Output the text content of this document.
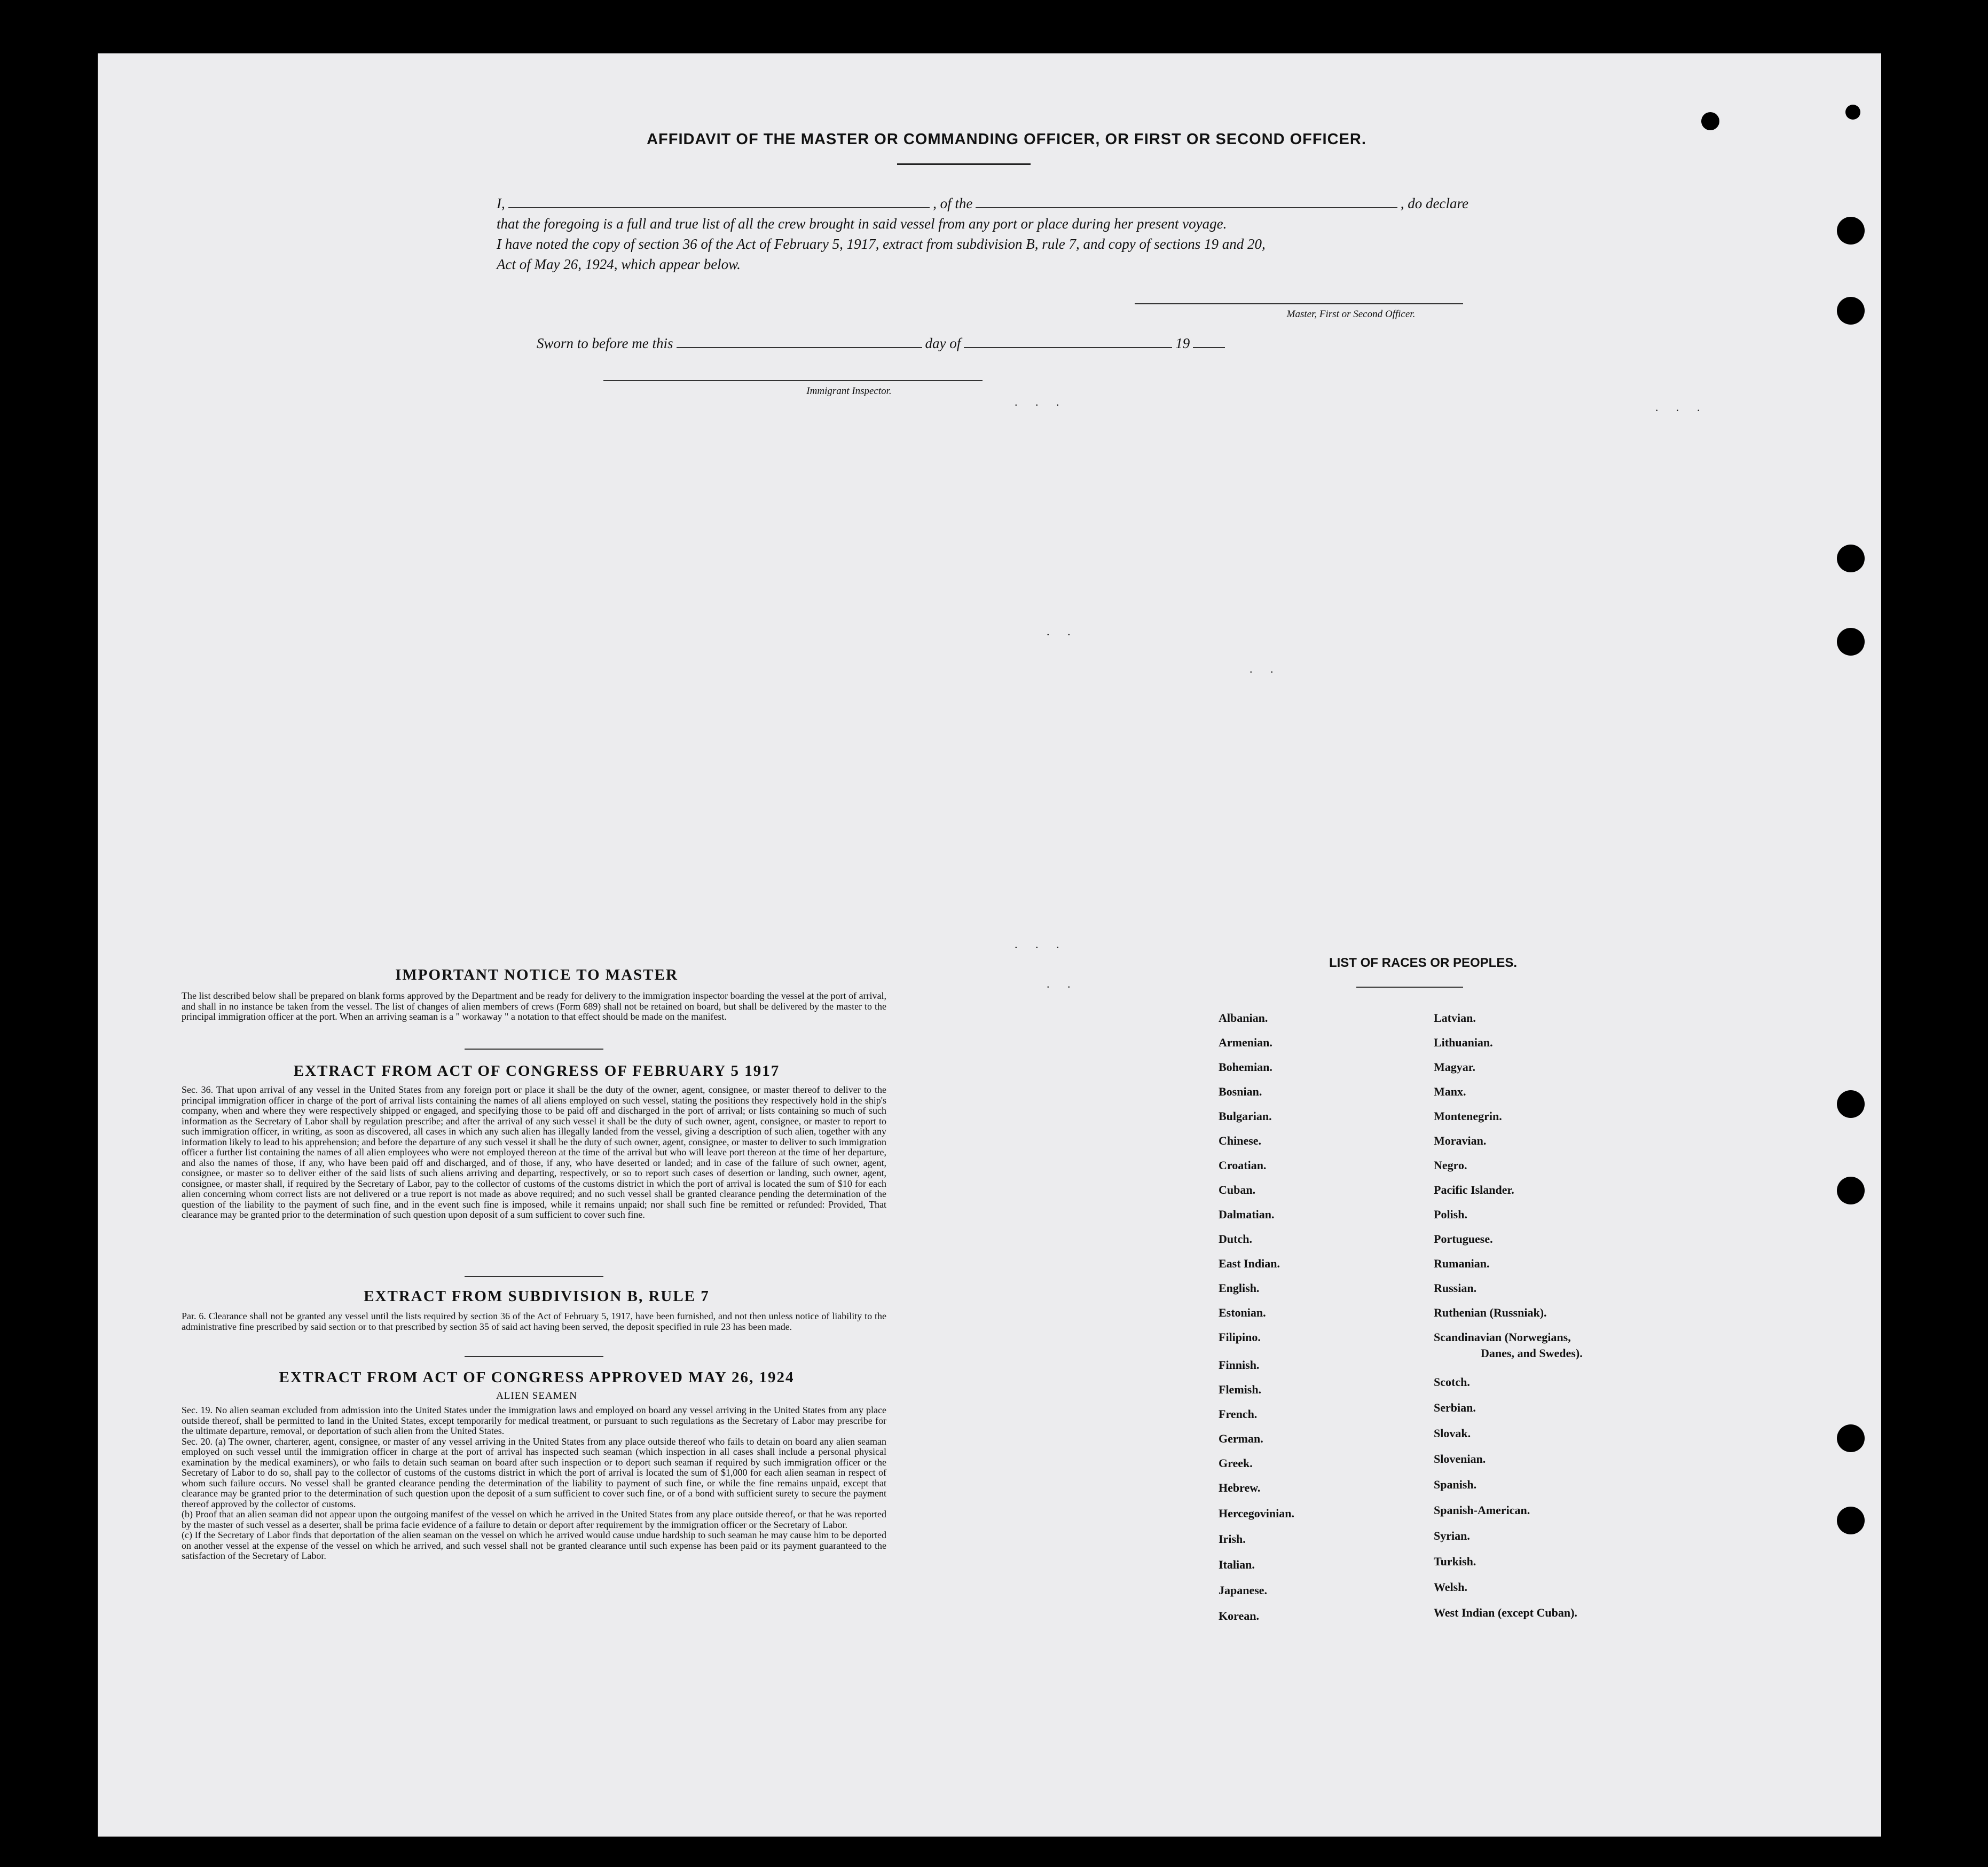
AFFIDAVIT OF THE MASTER OR COMMANDING OFFICER, OR FIRST OR SECOND OFFICER.
I,	, of the	, do declare
that the foregoing is a full and true list of all the crew brought in said vessel from any port or place during her present voyage.
I have noted the copy of section 36 of the Act of February 5, 1917, extract from subdivision B, rule 7, and copy of sections 19 and 20,
Act of May 26, 1924, which appear below.
Master, First or Second Officer.
Sworn to before me this	day of	19
Immigrant Inspector.
. . .	. . .
. .
. .
. . .
. .
IMPORTANT NOTICE TO MASTER

The list described below shall be prepared on blank forms approved by the Department and be ready for delivery to the immigration inspector boarding the vessel at the port of arrival, and shall in no instance be taken from the vessel. The list of changes of alien members of crews (Form 689) shall not be retained on board, but shall be delivered by the master to the principal immigration officer at the port. When an arriving seaman is a " workaway " a notation to that effect should be made on the manifest.

EXTRACT FROM ACT OF CONGRESS OF FEBRUARY 5 1917

Sec. 36. That upon arrival of any vessel in the United States from any foreign port or place it shall be the duty of the owner, agent, consignee, or master thereof to deliver to the principal immigration officer in charge of the port of arrival lists containing the names of all aliens employed on such vessel, stating the positions they respectively hold in the ship's company, when and where they were respectively shipped or engaged, and specifying those to be paid off and discharged in the port of arrival; or lists containing so much of such information as the Secretary of Labor shall by regulation prescribe; and after the arrival of any such vessel it shall be the duty of such owner, agent, consignee, or master to report to such immigration officer, in writing, as soon as discovered, all cases in which any such alien has illegally landed from the vessel, giving a description of such alien, together with any information likely to lead to his apprehension; and before the departure of any such vessel it shall be the duty of such owner, agent, consignee, or master to deliver to such immigration officer a further list containing the names of all alien employees who were not employed thereon at the time of the arrival but who will leave port thereon at the time of her departure, and also the names of those, if any, who have been paid off and discharged, and of those, if any, who have deserted or landed; and in case of the failure of such owner, agent, consignee, or master so to deliver either of the said lists of such aliens arriving and departing, respectively, or so to report such cases of desertion or landing, such owner, agent, consignee, or master shall, if required by the Secretary of Labor, pay to the collector of customs of the customs district in which the port of arrival is located the sum of $10 for each alien concerning whom correct lists are not delivered or a true report is not made as above required; and no such vessel shall be granted clearance pending the determination of the question of the liability to the payment of such fine, and in the event such fine is imposed, while it remains unpaid; nor shall such fine be remitted or refunded: Provided, That clearance may be granted prior to the determination of such question upon deposit of a sum sufficient to cover such fine.

EXTRACT FROM SUBDIVISION B, RULE 7

Par. 6. Clearance shall not be granted any vessel until the lists required by section 36 of the Act of February 5, 1917, have been furnished, and not then unless notice of liability to the administrative fine prescribed by said section or to that prescribed by section 35 of said act having been served, the deposit specified in rule 23 has been made.

EXTRACT FROM ACT OF CONGRESS APPROVED MAY 26, 1924
ALIEN SEAMEN

Sec. 19. No alien seaman excluded from admission into the United States under the immigration laws and employed on board any vessel arriving in the United States from any place outside thereof, shall be permitted to land in the United States, except temporarily for medical treatment, or pursuant to such regulations as the Secretary of Labor may prescribe for the ultimate departure, removal, or deportation of such alien from the United States.

Sec. 20. (a) The owner, charterer, agent, consignee, or master of any vessel arriving in the United States from any place outside thereof who fails to detain on board any alien seaman employed on such vessel until the immigration officer in charge at the port of arrival has inspected such seaman (which inspection in all cases shall include a personal physical examination by the medical examiners), or who fails to detain such seaman on board after such inspection or to deport such seaman if required by such immigration officer or the Secretary of Labor to do so, shall pay to the collector of customs of the customs district in which the port of arrival is located the sum of $1,000 for each alien seaman in respect of whom such failure occurs. No vessel shall be granted clearance pending the determination of the liability to payment of such fine, or while the fine remains unpaid, except that clearance may be granted prior to the determination of such question upon the deposit of a sum sufficient to cover such fine, or of a bond with sufficient surety to secure the payment thereof approved by the collector of customs.

(b) Proof that an alien seaman did not appear upon the outgoing manifest of the vessel on which he arrived in the United States from any place outside thereof, or that he was reported by the master of such vessel as a deserter, shall be prima facie evidence of a failure to detain or deport after requirement by the immigration officer or the Secretary of Labor.

(c) If the Secretary of Labor finds that deportation of the alien seaman on the vessel on which he arrived would cause undue hardship to such seaman he may cause him to be deported on another vessel at the expense of the vessel on which he arrived, and such vessel shall not be granted clearance until such expense has been paid or its payment guaranteed to the satisfaction of the Secretary of Labor.

LIST OF RACES OR PEOPLES.
Albanian.
Armenian.
Bohemian.
Bosnian.
Bulgarian.
Chinese.
Croatian.
Cuban.
Dalmatian.
Dutch.
East Indian.
English.
Estonian.
Filipino.
Finnish.
Flemish.
French.
German.
Greek.
Hebrew.
Hercegovinian.
Irish.
Italian.
Japanese.
Korean.
Latvian.
Lithuanian.
Magyar.
Manx.
Montenegrin.
Moravian.
Negro.
Pacific Islander.
Polish.
Portuguese.
Rumanian.
Russian.
Ruthenian (Russniak).
Scandinavian (Norwegians,
Danes, and Swedes).
Scotch.
Serbian.
Slovak.
Slovenian.
Spanish.
Spanish-American.
Syrian.
Turkish.
Welsh.
West Indian (except Cuban).
